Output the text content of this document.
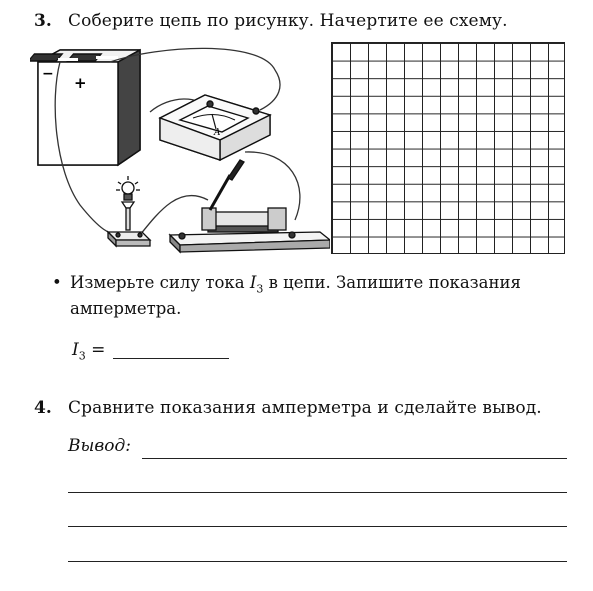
3. Соберите цепь по рисунку. Начертите ее схему.
− +
A
• Измерьте силу тока $I_3$ в цепи. Запишите показания
амперметра.
$I_3$ =
4. Сравните показания амперметра и сделайте вывод.
Вывод:
